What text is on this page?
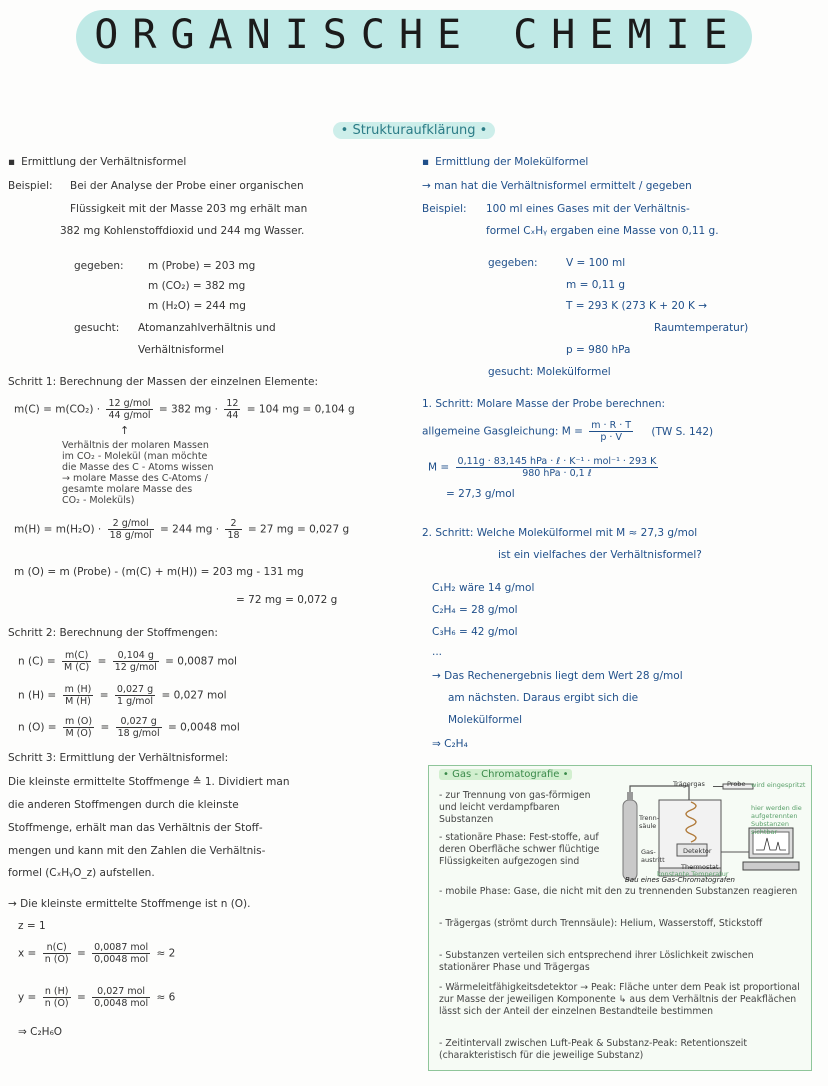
ORGANISCHE CHEMIE
• Strukturaufklärung •
▪ Ermittlung der Verhältnisformel
Beispiel: Bei der Analyse der Probe einer organischen
Flüssigkeit mit der Masse 203 mg erhält man
382 mg Kohlenstoffdioxid und 244 mg Wasser.
gegeben: m (Probe) = 203 mg
m (CO₂) = 382 mg
m (H₂O) = 244 mg
gesucht: Atomanzahlverhältnis und
Verhältnisformel
Schritt 1: Berechnung der Massen der einzelnen Elemente:
$m(C) = m(CO_2) \cdot \frac{\text{12 g/mol}}{\text{44 g/mol}} = 382$ mg · $\frac{12}{44} = 104$ mg = 0,104 g
↑
Verhältnis der molaren Massen
im CO₂ - Molekül (man möchte
die Masse des C - Atoms wissen
→ molare Masse des C-Atoms /
gesamte molare Masse des
CO₂ - Moleküls)
$m(H) = m(H_2O) \cdot \frac{\text{2 g/mol}}{\text{18 g/mol}} = 244$ mg · $\frac{2}{18} = 27$ mg = 0,027 g
m (O) = m (Probe) - (m(C) + m(H)) = 203 mg - 131 mg
= 72 mg = 0,072 g
Schritt 2: Berechnung der Stoffmengen:
n $(C) = \frac{m(C)}{M (C)} = \frac{0,104 g}{\text{12 g/mol}} = 0,0087$ mol
n $(H) = \frac{m (H)}{M (H)} = \frac{0,027 g}{\text{1 g/mol}} = 0,027$ mol
n $(O) = \frac{m (O)}{M (O)} = \frac{0,027 g}{\text{18 g/mol}} = 0,0048$ mol
Schritt 3: Ermittlung der Verhältnisformel:
Die kleinste ermittelte Stoffmenge ≙ 1. Dividiert man
die anderen Stoffmengen durch die kleinste
Stoffmenge, erhält man das Verhältnis der Stoff-
mengen und kann mit den Zahlen die Verhältnis-
formel (CₓHᵧO_z) aufstellen.
→ Die kleinste ermittelte Stoffmenge ist n (O).
z = 1
$x = \frac{n(C)}{n (O)} = \frac{\text{0,0087 mol}}{\text{0,0048 mol}} \approx 2$
$y = \frac{n (H)}{n (O)} = \frac{\text{0,027 mol}}{\text{0,0048 mol}} \approx 6$
⇒ C₂H₆O
▪ Ermittlung der Molekülformel
→ man hat die Verhältnisformel ermittelt / gegeben
Beispiel: 100 ml eines Gases mit der Verhältnis-
formel CₓHᵧ ergaben eine Masse von 0,11 g.
gegeben:	V = 100 ml
m = 0,11 g
T = 293 K (273 K + 20 K →
Raumtemperatur)
p = 980 hPa
gesucht: Molekülformel
1. Schritt: Molare Masse der Probe berechnen:
allgemeine Gasgleichung: $M = \frac{m \cdot R \cdot T}{p \cdot V} (TW$ S. 142)
$M = \frac{\text{0,11g · 83,145 hPa · ℓ · K⁻¹ · mol⁻¹ · 293 K}}{\text{980 hPa · 0,1 ℓ}}$
= 27,3 g/mol
2. Schritt: Welche Molekülformel mit M ≈ 27,3 g/mol
ist ein vielfaches der Verhältnisformel?
C₁H₂ wäre 14 g/mol
C₂H₄ = 28 g/mol
C₃H₆ = 42 g/mol
...
→ Das Rechenergebnis liegt dem Wert 28 g/mol
am nächsten. Daraus ergibt sich die
Molekülformel
⇒ C₂H₄
• Gas - Chromatografie •
- zur Trennung von gas-förmigen und leicht verdampfbaren Substanzen
- stationäre Phase: Fest-stoffe, auf deren Oberfläche schwer flüchtige Flüssigkeiten aufgezogen sind
- mobile Phase: Gase, die nicht mit den zu trennenden Substanzen reagieren
- Trägergas (strömt durch Trennsäule): Helium, Wasserstoff, Stickstoff
- Substanzen verteilen sich entsprechend ihrer Löslichkeit zwischen stationärer Phase und Trägergas
- Wärmeleitfähigkeitsdetektor → Peak: Fläche unter dem Peak ist proportional zur Masse der jeweiligen Komponente ↳ aus dem Verhältnis der Peakflächen lässt sich der Anteil der einzelnen Bestandteile bestimmen
- Zeitintervall zwischen Luft-Peak & Substanz-Peak: Retentionszeit (charakteristisch für die jeweilige Substanz)
Trägergas	Probe wird eingespritzt
Trenn-säule
Gas-austritt
Detektor
Thermostat
hier werden die aufgetrennten Substanzen sichtbar
konstante Temperatur
Bau eines Gas-Chromatografen
